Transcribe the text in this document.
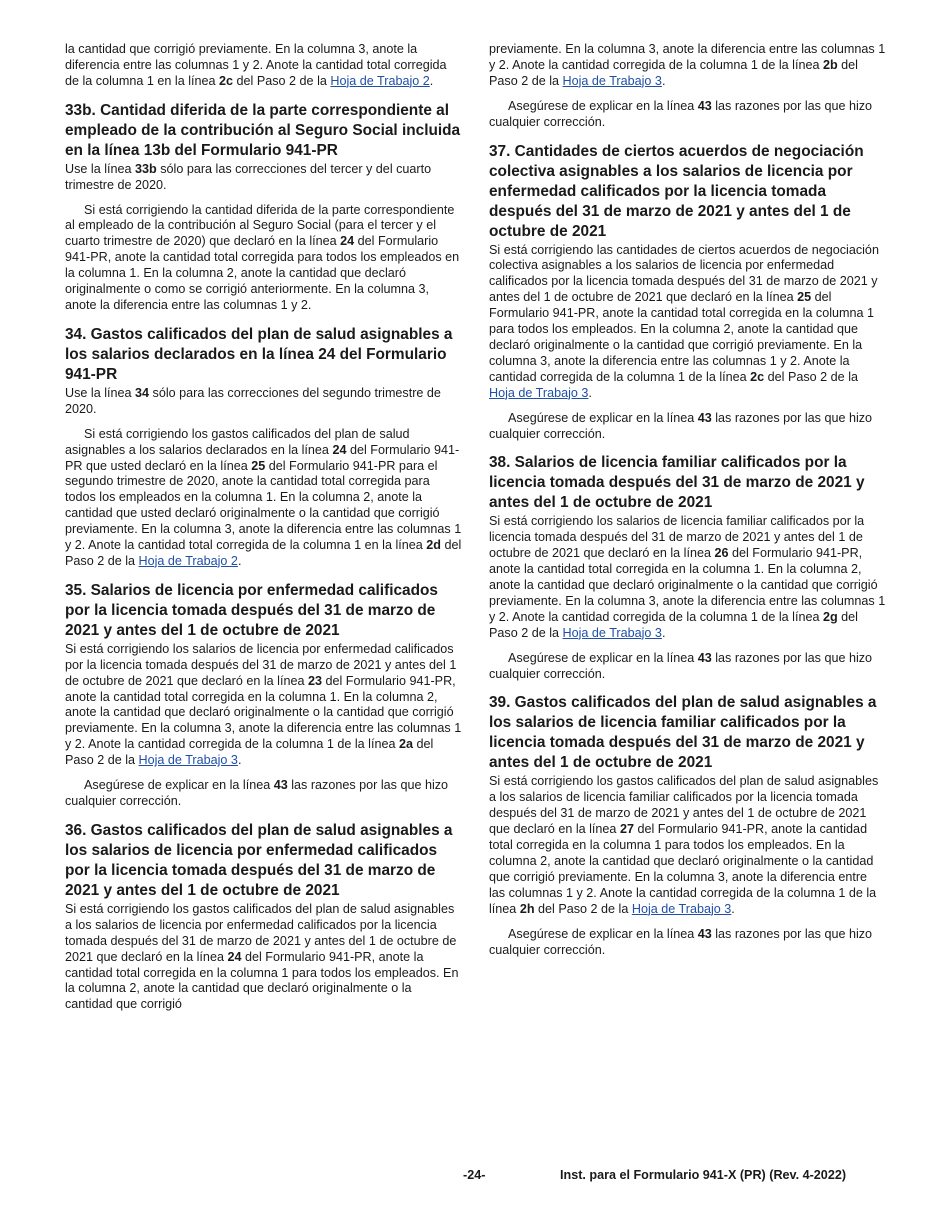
la cantidad que corrigió previamente. En la columna 3, anote la diferencia entre las columnas 1 y 2. Anote la cantidad total corregida de la columna 1 en la línea 2c del Paso 2 de la Hoja de Trabajo 2.

33b. Cantidad diferida de la parte correspondiente al empleado de la contribución al Seguro Social incluida en la línea 13b del Formulario 941-PR

Use la línea 33b sólo para las correcciones del tercer y del cuarto trimestre de 2020.

Si está corrigiendo la cantidad diferida de la parte correspondiente al empleado de la contribución al Seguro Social (para el tercer y el cuarto trimestre de 2020) que declaró en la línea 24 del Formulario 941-PR, anote la cantidad total corregida para todos los empleados en la columna 1. En la columna 2, anote la cantidad que declaró originalmente o como se corrigió anteriormente. En la columna 3, anote la diferencia entre las columnas 1 y 2.

34. Gastos calificados del plan de salud asignables a los salarios declarados en la línea 24 del Formulario 941-PR

Use la línea 34 sólo para las correcciones del segundo trimestre de 2020.

Si está corrigiendo los gastos calificados del plan de salud asignables a los salarios declarados en la línea 24 del Formulario 941-PR que usted declaró en la línea 25 del Formulario 941-PR para el segundo trimestre de 2020, anote la cantidad total corregida para todos los empleados en la columna 1. En la columna 2, anote la cantidad que usted declaró originalmente o la cantidad que corrigió previamente. En la columna 3, anote la diferencia entre las columnas 1 y 2. Anote la cantidad total corregida de la columna 1 en la línea 2d del Paso 2 de la Hoja de Trabajo 2.

35. Salarios de licencia por enfermedad calificados por la licencia tomada después del 31 de marzo de 2021 y antes del 1 de octubre de 2021

Si está corrigiendo los salarios de licencia por enfermedad calificados por la licencia tomada después del 31 de marzo de 2021 y antes del 1 de octubre de 2021 que declaró en la línea 23 del Formulario 941-PR, anote la cantidad total corregida en la columna 1. En la columna 2, anote la cantidad que declaró originalmente o la cantidad que corrigió previamente. En la columna 3, anote la diferencia entre las columnas 1 y 2. Anote la cantidad corregida de la columna 1 de la línea 2a del Paso 2 de la Hoja de Trabajo 3.

Asegúrese de explicar en la línea 43 las razones por las que hizo cualquier corrección.

36. Gastos calificados del plan de salud asignables a los salarios de licencia por enfermedad calificados por la licencia tomada después del 31 de marzo de 2021 y antes del 1 de octubre de 2021

Si está corrigiendo los gastos calificados del plan de salud asignables a los salarios de licencia por enfermedad calificados por la licencia tomada después del 31 de marzo de 2021 y antes del 1 de octubre de 2021 que declaró en la línea 24 del Formulario 941-PR, anote la cantidad total corregida en la columna 1 para todos los empleados. En la columna 2, anote la cantidad que declaró originalmente o la cantidad que corrigió

previamente. En la columna 3, anote la diferencia entre las columnas 1 y 2. Anote la cantidad corregida de la columna 1 de la línea 2b del Paso 2 de la Hoja de Trabajo 3.

Asegúrese de explicar en la línea 43 las razones por las que hizo cualquier corrección.

37. Cantidades de ciertos acuerdos de negociación colectiva asignables a los salarios de licencia por enfermedad calificados por la licencia tomada después del 31 de marzo de 2021 y antes del 1 de octubre de 2021

Si está corrigiendo las cantidades de ciertos acuerdos de negociación colectiva asignables a los salarios de licencia por enfermedad calificados por la licencia tomada después del 31 de marzo de 2021 y antes del 1 de octubre de 2021 que declaró en la línea 25 del Formulario 941-PR, anote la cantidad total corregida en la columna 1 para todos los empleados. En la columna 2, anote la cantidad que declaró originalmente o la cantidad que corrigió previamente. En la columna 3, anote la diferencia entre las columnas 1 y 2. Anote la cantidad corregida de la columna 1 de la línea 2c del Paso 2 de la Hoja de Trabajo 3.

Asegúrese de explicar en la línea 43 las razones por las que hizo cualquier corrección.

38. Salarios de licencia familiar calificados por la licencia tomada después del 31 de marzo de 2021 y antes del 1 de octubre de 2021

Si está corrigiendo los salarios de licencia familiar calificados por la licencia tomada después del 31 de marzo de 2021 y antes del 1 de octubre de 2021 que declaró en la línea 26 del Formulario 941-PR, anote la cantidad total corregida en la columna 1. En la columna 2, anote la cantidad que declaró originalmente o la cantidad que corrigió previamente. En la columna 3, anote la diferencia entre las columnas 1 y 2. Anote la cantidad corregida de la columna 1 de la línea 2g del Paso 2 de la Hoja de Trabajo 3.

Asegúrese de explicar en la línea 43 las razones por las que hizo cualquier corrección.

39. Gastos calificados del plan de salud asignables a los salarios de licencia familiar calificados por la licencia tomada después del 31 de marzo de 2021 y antes del 1 de octubre de 2021

Si está corrigiendo los gastos calificados del plan de salud asignables a los salarios de licencia familiar calificados por la licencia tomada después del 31 de marzo de 2021 y antes del 1 de octubre de 2021 que declaró en la línea 27 del Formulario 941-PR, anote la cantidad total corregida en la columna 1 para todos los empleados. En la columna 2, anote la cantidad que declaró originalmente o la cantidad que corrigió previamente. En la columna 3, anote la diferencia entre las columnas 1 y 2. Anote la cantidad corregida de la columna 1 de la línea 2h del Paso 2 de la Hoja de Trabajo 3.

Asegúrese de explicar en la línea 43 las razones por las que hizo cualquier corrección.

-24-	Inst. para el Formulario 941-X (PR) (Rev. 4-2022)
